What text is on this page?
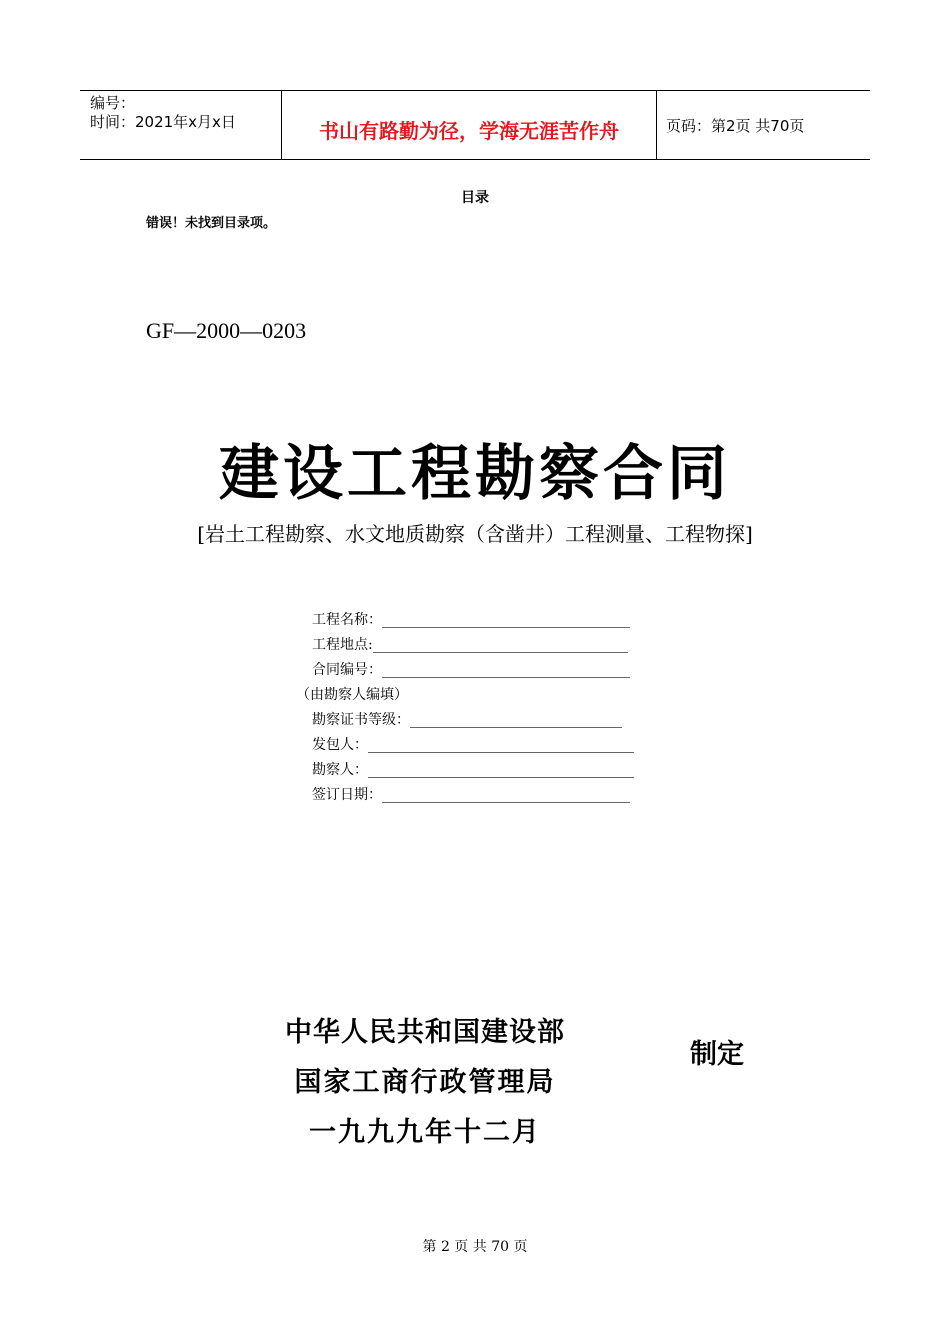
编号：
时间：2021年x月x日	书山有路勤为径，学海无涯苦作舟	页码：第2页 共70页
目录
错误！未找到目录项。
GF—2000—0203
建设工程勘察合同
[岩土工程勘察、水文地质勘察（含凿井）工程测量、工程物探]
工程名称：
工程地点:
合同编号：
（由勘察人编填）
勘察证书等级：
发包人：
勘察人：
签订日期：
中华人民共和国建设部
国家工商行政管理局
一九九九年十二月
制定
第 2 页 共 70 页
